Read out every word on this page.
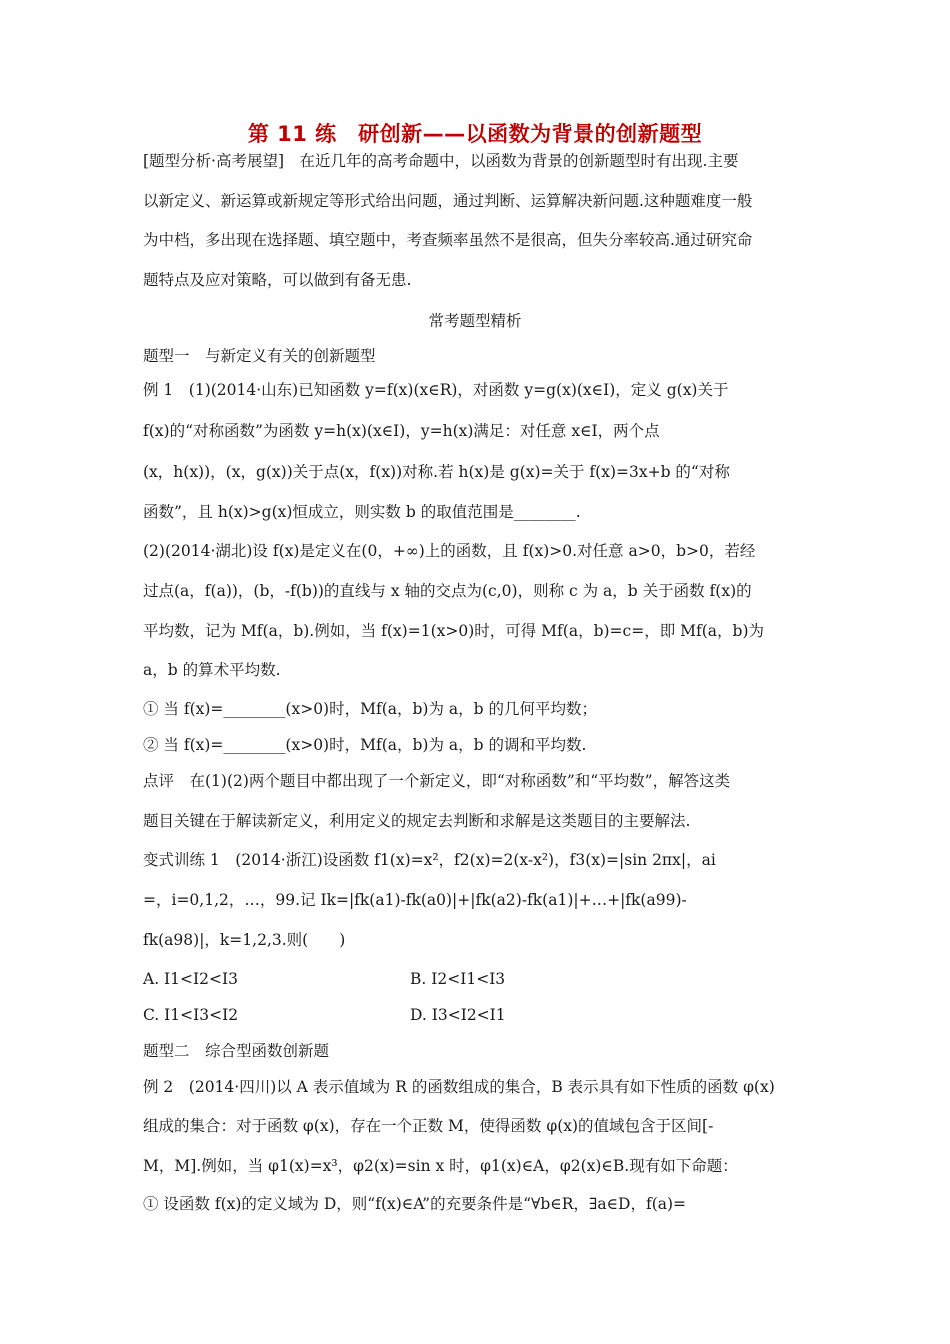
第 11 练　研创新——以函数为背景的创新题型
[题型分析·高考展望]　在近几年的高考命题中，以函数为背景的创新题型时有出现.主要
以新定义、新运算或新规定等形式给出问题，通过判断、运算解决新问题.这种题难度一般
为中档，多出现在选择题、填空题中，考查频率虽然不是很高，但失分率较高.通过研究命
题特点及应对策略，可以做到有备无患.
常考题型精析
题型一　与新定义有关的创新题型
例 1　(1)(2014·山东)已知函数 y=f(x)(x∈R)，对函数 y=g(x)(x∈I)，定义 g(x)关于
f(x)的“对称函数”为函数 y=h(x)(x∈I)，y=h(x)满足：对任意 x∈I，两个点
(x，h(x))，(x，g(x))关于点(x，f(x))对称.若 h(x)是 g(x)=关于 f(x)=3x+b 的“对称
函数”，且 h(x)>g(x)恒成立，则实数 b 的取值范围是________.
(2)(2014·湖北)设 f(x)是定义在(0，+∞)上的函数，且 f(x)>0.对任意 a>0，b>0，若经
过点(a，f(a))，(b，-f(b))的直线与 x 轴的交点为(c,0)，则称 c 为 a，b 关于函数 f(x)的
平均数，记为 Mf(a，b).例如，当 f(x)=1(x>0)时，可得 Mf(a，b)=c=，即 Mf(a，b)为
a，b 的算术平均数.
① 当 f(x)=________(x>0)时，Mf(a，b)为 a，b 的几何平均数；
② 当 f(x)=________(x>0)时，Mf(a，b)为 a，b 的调和平均数.
点评　在(1)(2)两个题目中都出现了一个新定义，即“对称函数”和“平均数”，解答这类
题目关键在于解读新定义，利用定义的规定去判断和求解是这类题目的主要解法.
变式训练 1　(2014·浙江)设函数 f1(x)=x²，f2(x)=2(x-x²)，f3(x)=|sin 2πx|，ai
=，i=0,1,2，…，99.记 Ik=|fk(a1)-fk(a0)|+|fk(a2)-fk(a1)|+…+|fk(a99)-
fk(a98)|，k=1,2,3.则(　　)
A. I1<I2<I3	B. I2<I1<I3
C. I1<I3<I2	D. I3<I2<I1
题型二　综合型函数创新题
例 2　(2014·四川)以 A 表示值域为 R 的函数组成的集合，B 表示具有如下性质的函数 φ(x)
组成的集合：对于函数 φ(x)，存在一个正数 M，使得函数 φ(x)的值域包含于区间[-
M，M].例如，当 φ1(x)=x³，φ2(x)=sin x 时，φ1(x)∈A，φ2(x)∈B.现有如下命题：
① 设函数 f(x)的定义域为 D，则“f(x)∈A”的充要条件是“∀b∈R，∃a∈D，f(a)=
